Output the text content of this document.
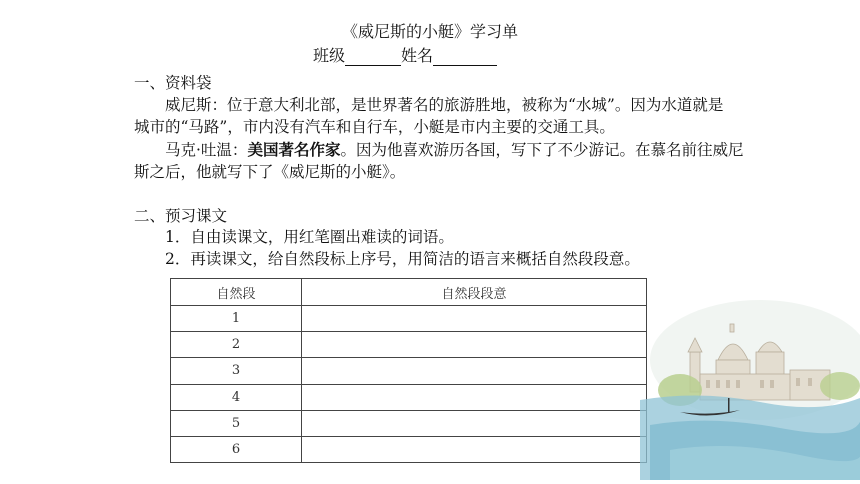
《威尼斯的小艇》学习单
班级	姓名
一、资料袋
威尼斯：位于意大利北部，是世界著名的旅游胜地，被称为“水城”。因为水道就是
城市的“马路”，市内没有汽车和自行车，小艇是市内主要的交通工具。
马克·吐温：美国著名作家。因为他喜欢游历各国，写下了不少游记。在慕名前往威尼
斯之后，他就写下了《威尼斯的小艇》。
二、预习课文
1．自由读课文，用红笔圈出难读的词语。
2．再读课文，给自然段标上序号，用简洁的语言来概括自然段段意。
自然段	自然段段意
1	
2	
3	
4	
5	
6	
